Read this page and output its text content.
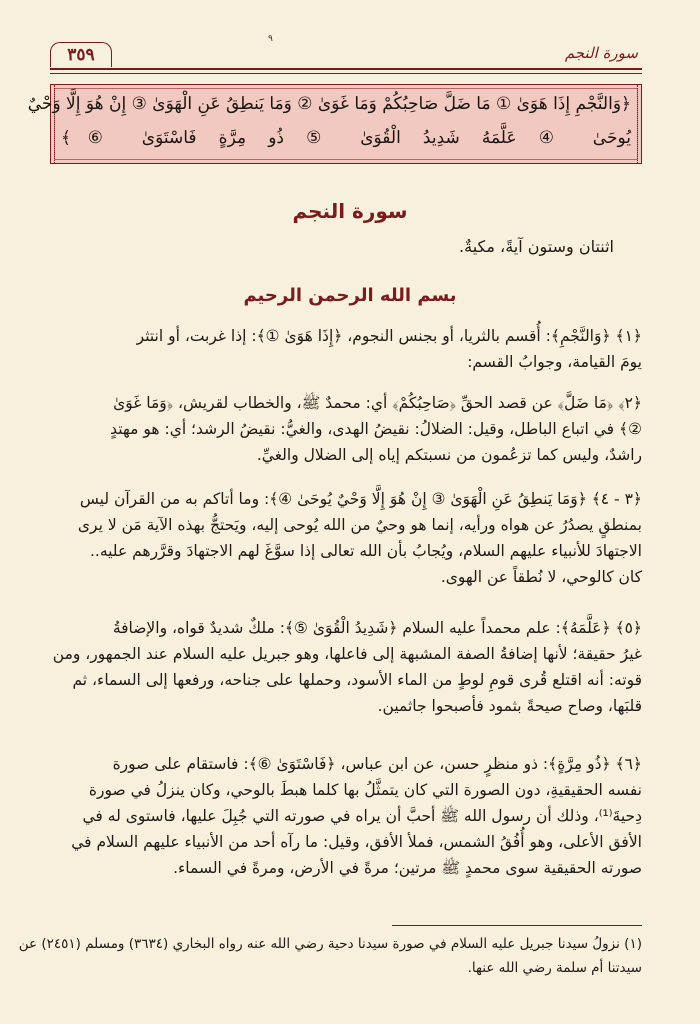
٣٥٩	سورة النجم
٩
﴿وَالنَّجْمِ إِذَا هَوَىٰ ① مَا ضَلَّ صَاحِبُكُمْ وَمَا غَوَىٰ ② وَمَا يَنطِقُ عَنِ الْهَوَىٰ ③ إِنْ هُوَ إِلَّا وَحْيٌ
يُوحَىٰ ④ عَلَّمَهُ شَدِيدُ الْقُوَىٰ ⑤ ذُو مِرَّةٍ فَاسْتَوَىٰ ⑥﴾
سورة النجم
اثنتان وستون آيةً، مكيةٌ.
بسم الله الرحمن الرحيم
﴿١﴾ ﴿وَالنَّجْمِ﴾: أُقسم بالثريا، أو بجنس النجوم، ﴿إِذَا هَوَىٰ ①﴾: إذا غربت، أو انتثر
يومَ القيامة، وجوابُ القسم:
﴿٢﴾ ﴿مَا ضَلَّ﴾ عن قصد الحقِّ ﴿صَاحِبُكُمْ﴾ أي: محمدٌ ﷺ، والخطاب لقريش، ﴿وَمَا غَوَىٰ
②﴾ في اتباع الباطل، وقيل: الضلالُ: نقيضُ الهدى، والغيُّ: نقيضُ الرشد؛ أي: هو مهتدٍ
راشدٌ، وليس كما تزعُمون من نسبتكم إياه إلى الضلال والغيِّ.
﴿٣ - ٤﴾ ﴿وَمَا يَنطِقُ عَنِ الْهَوَىٰ ③ إِنْ هُوَ إِلَّا وَحْيٌ يُوحَىٰ ④﴾: وما أتاكم به من القرآن ليس
بمنطقٍ يصدُرُ عن هواه ورأيه، إنما هو وحيٌ من الله يُوحى إليه، ويَحتجُّ بهذه الآية مَن لا يرى
الاجتهادَ للأنبياء عليهم السلام، ويُجابُ بأن الله تعالى إذا سوَّغَ لهم الاجتهادَ وقرَّرهم عليه..
كان كالوحي، لا نُطقاً عن الهوى.
﴿٥﴾ ﴿عَلَّمَهُ﴾: علم محمداً عليه السلام ﴿شَدِيدُ الْقُوَىٰ ⑤﴾: ملكٌ شديدٌ قواه، والإضافةُ
غيرُ حقيقة؛ لأنها إضافةُ الصفة المشبهة إلى فاعلها، وهو جبريل عليه السلام عند الجمهور، ومن
قوته: أنه اقتلع قُرى قومِ لوطٍ من الماء الأسود، وحملها على جناحه، ورفعها إلى السماء، ثم
قلبَها، وصاح صيحةً بثمود فأصبحوا جاثمين.
﴿٦﴾ ﴿ذُو مِرَّةٍ﴾: ذو منظرٍ حسن، عن ابن عباس، ﴿فَاسْتَوَىٰ ⑥﴾: فاستقام على صورة
نفسه الحقيقيةِ، دون الصورة التي كان يتمثَّلُ بها كلما هبطَ بالوحي، وكان ينزلُ في صورة
دِحيةَ⁽¹⁾، وذلك أن رسول الله ﷺ أحبَّ أن يراه في صورته التي جُبِلَ عليها، فاستوى له في
الأفق الأعلى، وهو أُفُقُ الشمس، فملأ الأفق، وقيل: ما رآه أحد من الأنبياء عليهم السلام في
صورته الحقيقية سوى محمدٍ ﷺ مرتين؛ مرةً في الأرض، ومرةً في السماء.
(١) نزولُ سيدنا جبريل عليه السلام في صورة سيدنا دحية رضي الله عنه رواه البخاري (٣٦٣٤) ومسلم (٢٤٥١) عن
سيدتنا أم سلمة رضي الله عنها.
